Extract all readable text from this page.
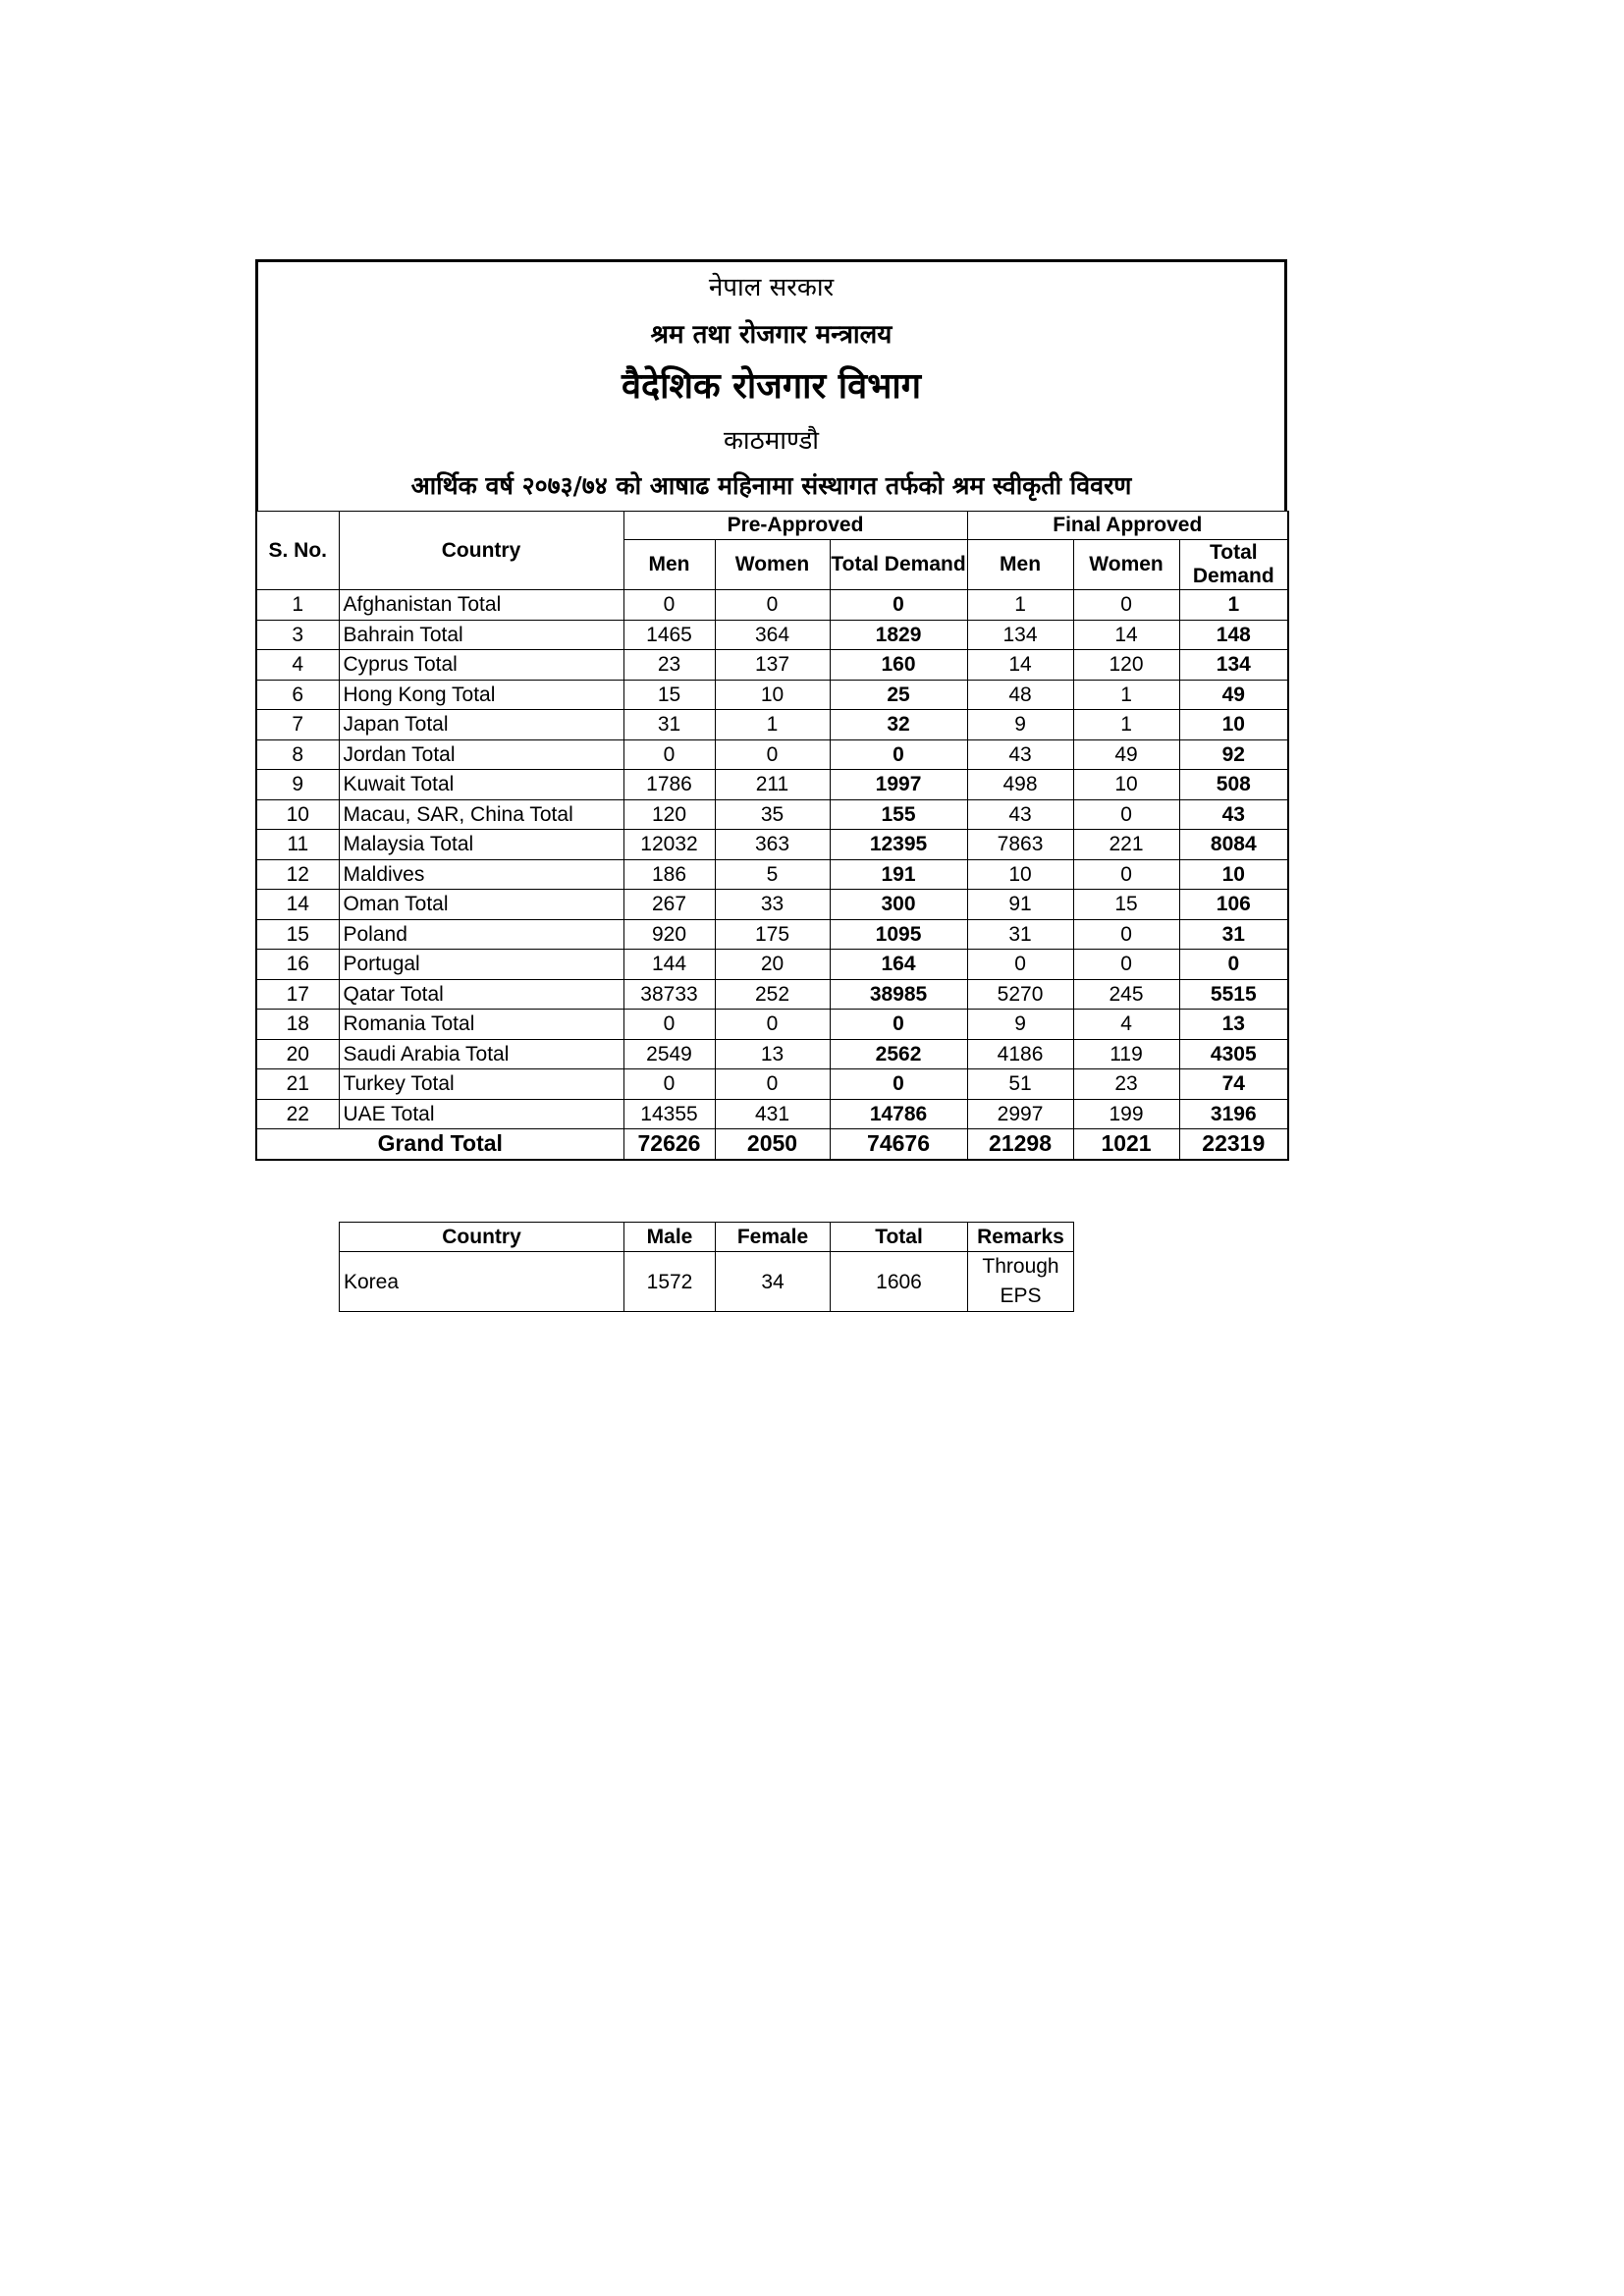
नेपाल सरकार
श्रम तथा रोजगार मन्त्रालय
वैदेशिक रोजगार विभाग
काठमाण्डौ
आर्थिक वर्ष २०७३/७४ को आषाढ महिनामा संस्थागत तर्फको श्रम स्वीकृती विवरण
S. No.	Country	Pre-Approved			Final Approved		
		Men	Women	Total Demand	Men	Women	Total Demand
1	Afghanistan Total	0	0	0	1	0	1
3	Bahrain Total	1465	364	1829	134	14	148
4	Cyprus Total	23	137	160	14	120	134
6	Hong Kong Total	15	10	25	48	1	49
7	Japan Total	31	1	32	9	1	10
8	Jordan Total	0	0	0	43	49	92
9	Kuwait Total	1786	211	1997	498	10	508
10	Macau, SAR, China Total	120	35	155	43	0	43
11	Malaysia Total	12032	363	12395	7863	221	8084
12	Maldives	186	5	191	10	0	10
14	Oman Total	267	33	300	91	15	106
15	Poland	920	175	1095	31	0	31
16	Portugal	144	20	164	0	0	0
17	Qatar Total	38733	252	38985	5270	245	5515
18	Romania Total	0	0	0	9	4	13
20	Saudi Arabia Total	2549	13	2562	4186	119	4305
21	Turkey Total	0	0	0	51	23	74
22	UAE Total	14355	431	14786	2997	199	3196
Grand Total		72626	2050	74676	21298	1021	22319
Country	Male	Female	Total	Remarks
Korea	1572	34	1606	Through EPS
